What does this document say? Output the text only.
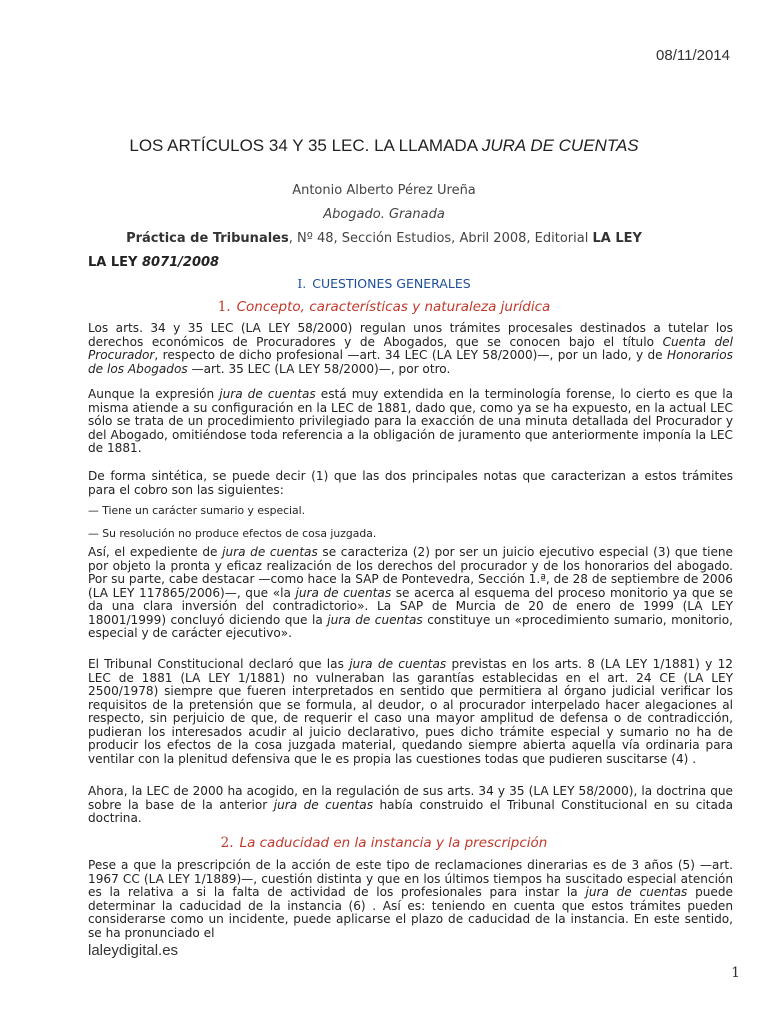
08/11/2014
LOS ARTÍCULOS 34 Y 35 LEC. LA LLAMADA JURA DE CUENTAS
Antonio Alberto Pérez Ureña
Abogado. Granada
Práctica de Tribunales, Nº 48, Sección Estudios, Abril 2008, Editorial LA LEY
LA LEY 8071/2008
I. CUESTIONES GENERALES
1. Concepto, características y naturaleza jurídica
Los arts. 34 y 35 LEC (LA LEY 58/2000) regulan unos trámites procesales destinados a tutelar los derechos económicos de Procuradores y de Abogados, que se conocen bajo el título Cuenta del Procurador, respecto de dicho profesional —art. 34 LEC (LA LEY 58/2000)—, por un lado, y de Honorarios de los Abogados —art. 35 LEC (LA LEY 58/2000)—, por otro.
Aunque la expresión jura de cuentas está muy extendida en la terminología forense, lo cierto es que la misma atiende a su configuración en la LEC de 1881, dado que, como ya se ha expuesto, en la actual LEC sólo se trata de un procedimiento privilegiado para la exacción de una minuta detallada del Procurador y del Abogado, omitiéndose toda referencia a la obligación de juramento que anteriormente imponía la LEC de 1881.
De forma sintética, se puede decir (1) que las dos principales notas que caracterizan a estos trámites para el cobro son las siguientes:
— Tiene un carácter sumario y especial.
— Su resolución no produce efectos de cosa juzgada.
Así, el expediente de jura de cuentas se caracteriza (2) por ser un juicio ejecutivo especial (3) que tiene por objeto la pronta y eficaz realización de los derechos del procurador y de los honorarios del abogado. Por su parte, cabe destacar —como hace la SAP de Pontevedra, Sección 1.ª, de 28 de septiembre de 2006 (LA LEY 117865/2006)—, que «la jura de cuentas se acerca al esquema del proceso monitorio ya que se da una clara inversión del contradictorio». La SAP de Murcia de 20 de enero de 1999 (LA LEY 18001/1999) concluyó diciendo que la jura de cuentas constituye un «procedimiento sumario, monitorio, especial y de carácter ejecutivo».
El Tribunal Constitucional declaró que las jura de cuentas previstas en los arts. 8 (LA LEY 1/1881) y 12 LEC de 1881 (LA LEY 1/1881) no vulneraban las garantías establecidas en el art. 24 CE (LA LEY 2500/1978) siempre que fueren interpretados en sentido que permitiera al órgano judicial verificar los requisitos de la pretensión que se formula, al deudor, o al procurador interpelado hacer alegaciones al respecto, sin perjuicio de que, de requerir el caso una mayor amplitud de defensa o de contradicción, pudieran los interesados acudir al juicio declarativo, pues dicho trámite especial y sumario no ha de producir los efectos de la cosa juzgada material, quedando siempre abierta aquella vía ordinaria para ventilar con la plenitud defensiva que le es propia las cuestiones todas que pudieren suscitarse (4) .
Ahora, la LEC de 2000 ha acogido, en la regulación de sus arts. 34 y 35 (LA LEY 58/2000), la doctrina que sobre la base de la anterior jura de cuentas había construido el Tribunal Constitucional en su citada doctrina.
2. La caducidad en la instancia y la prescripción
Pese a que la prescripción de la acción de este tipo de reclamaciones dinerarias es de 3 años (5) —art. 1967 CC (LA LEY 1/1889)—, cuestión distinta y que en los últimos tiempos ha suscitado especial atención es la relativa a si la falta de actividad de los profesionales para instar la jura de cuentas puede determinar la caducidad de la instancia (6) . Así es: teniendo en cuenta que estos trámites pueden considerarse como un incidente, puede aplicarse el plazo de caducidad de la instancia. En este sentido, se ha pronunciado el
laleydigital.es
1
